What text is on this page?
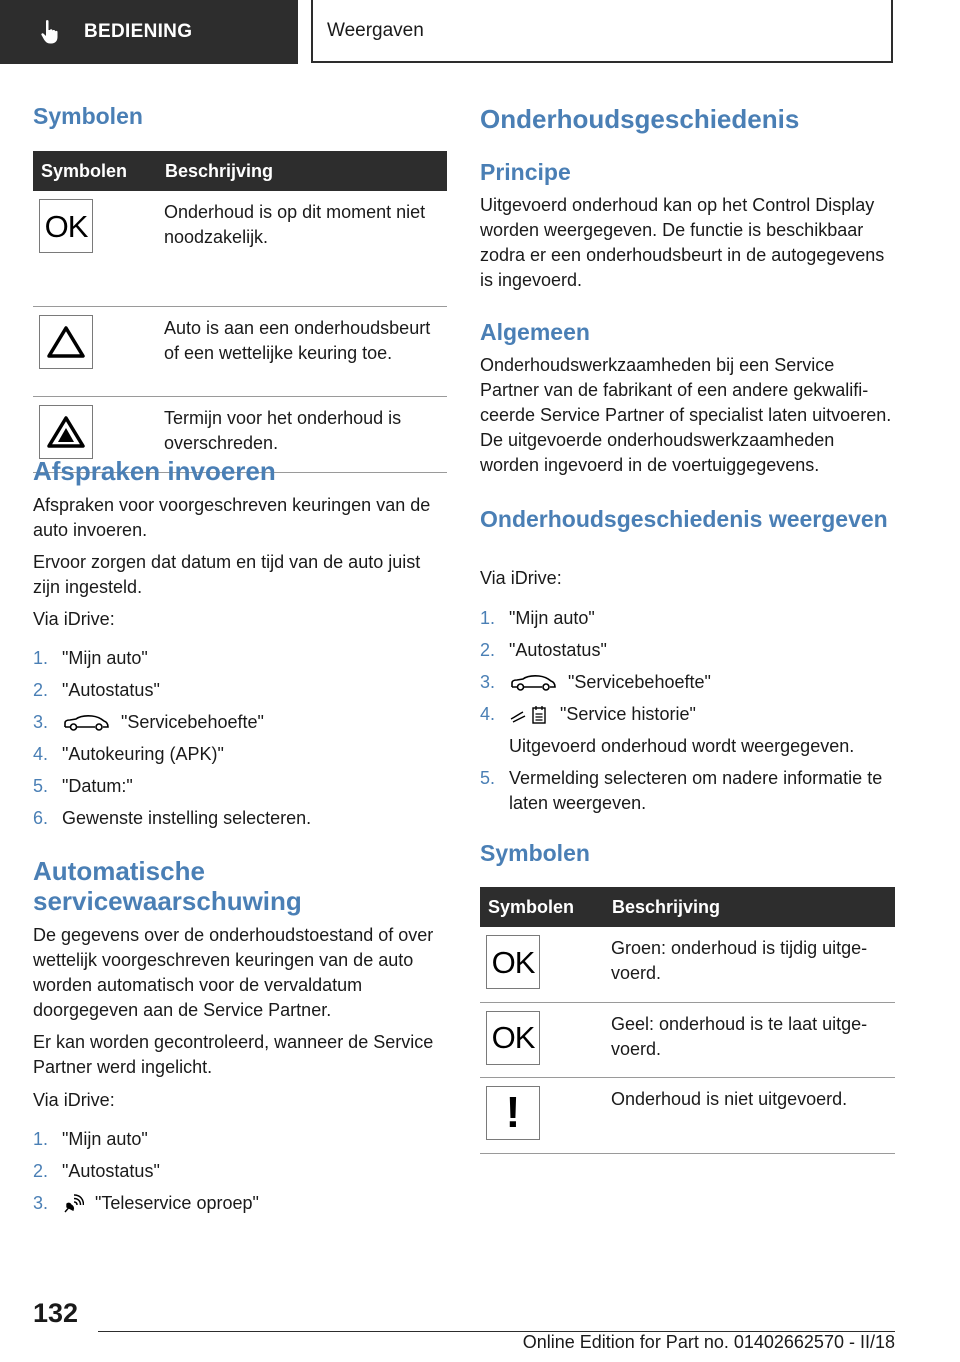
BEDIENING	Weergaven
Symbolen
Symbolen	Beschrijving

OK	Onderhoud is op dit moment niet noodzakelijk.

	Auto is aan een onderhoudsbeurt of een wettelijke keuring toe.

	Termijn voor het onderhoud is overschreden.
Afspraken invoeren

Afspraken voor voorgeschreven keuringen van de auto invoeren.

Ervoor zorgen dat datum en tijd van de auto juist zijn ingesteld.

Via iDrive:

1. "Mijn auto"
2. "Autostatus"
3.	"Servicebehoefte"
4. "Autokeuring (APK)"
5. "Datum:"
6. Gewenste instelling selecteren.
Automatische servicewaarschuwing

De gegevens over de onderhoudstoestand of over wettelijk voorgeschreven keuringen van de auto worden automatisch voor de vervaldatum doorgegeven aan de Service Partner.

Er kan worden gecontroleerd, wanneer de Service Partner werd ingelicht.

Via iDrive:

1. "Mijn auto"
2. "Autostatus"
3.	"Teleservice oproep"
Onderhoudsgeschiedenis
Principe

Uitgevoerd onderhoud kan op het Control Display worden weergegeven. De functie is beschikbaar zodra er een onderhoudsbeurt in de autogegevens is ingevoerd.

Algemeen

Onderhoudswerkzaamheden bij een Service Partner van de fabrikant of een andere gekwalificeerde Service Partner of specialist laten uitvoeren. De uitgevoerde onderhoudswerkzaamheden worden ingevoerd in de voertuiggegevens.

Onderhoudsgeschiedenis weergeven

Via iDrive:

1. "Mijn auto"
2. "Autostatus"
3.	"Servicebehoefte"
4.	"Service historie"
Uitgevoerd onderhoud wordt weergegeven.
5. Vermelding selecteren om nadere informatie te laten weergeven.
Symbolen
Symbolen	Beschrijving

OK	Groen: onderhoud is tijdig uitgevoerd.

OK	Geel: onderhoud is te laat uitgevoerd.

!	Onderhoud is niet uitgevoerd.
132
Online Edition for Part no. 01402662570 - II/18
